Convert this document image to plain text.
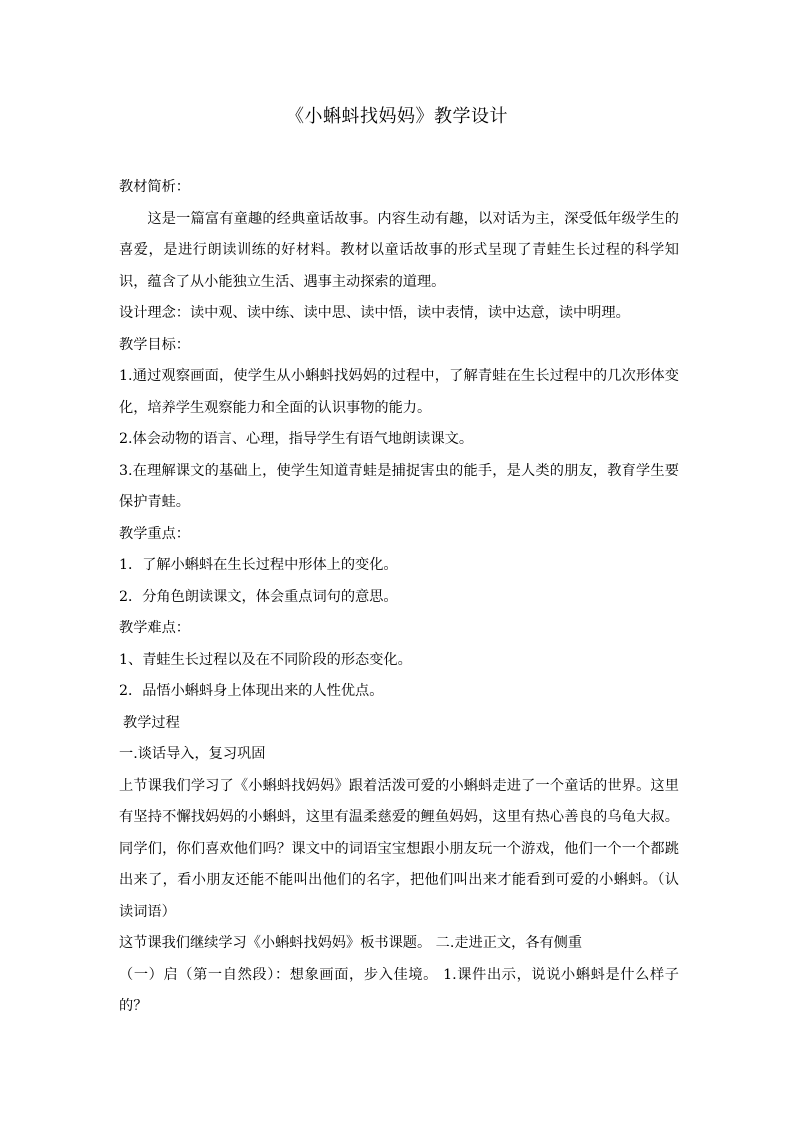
《小蝌蚪找妈妈》教学设计

教材简析：

这是一篇富有童趣的经典童话故事。内容生动有趣，以对话为主，深受低年级学生的喜爱，是进行朗读训练的好材料。教材以童话故事的形式呈现了青蛙生长过程的科学知识，蕴含了从小能独立生活、遇事主动探索的道理。

设计理念：读中观、读中练、读中思、读中悟，读中表情，读中达意，读中明理。

教学目标：

1.通过观察画面，使学生从小蝌蚪找妈妈的过程中，了解青蛙在生长过程中的几次形体变化，培养学生观察能力和全面的认识事物的能力。

2.体会动物的语言、心理，指导学生有语气地朗读课文。

3.在理解课文的基础上，使学生知道青蛙是捕捉害虫的能手，是人类的朋友，教育学生要保护青蛙。

教学重点：

1．了解小蝌蚪在生长过程中形体上的变化。

2．分角色朗读课文，体会重点词句的意思。

教学难点：

1、青蛙生长过程以及在不同阶段的形态变化。

2．品悟小蝌蚪身上体现出来的人性优点。

教学过程

一.谈话导入，复习巩固

上节课我们学习了《小蝌蚪找妈妈》跟着活泼可爱的小蝌蚪走进了一个童话的世界。这里有坚持不懈找妈妈的小蝌蚪，这里有温柔慈爱的鲤鱼妈妈，这里有热心善良的乌龟大叔。同学们，你们喜欢他们吗？课文中的词语宝宝想跟小朋友玩一个游戏，他们一个一个都跳出来了，看小朋友还能不能叫出他们的名字，把他们叫出来才能看到可爱的小蝌蚪。（认读词语）

这节课我们继续学习《小蝌蚪找妈妈》板书课题。 二.走进正文，各有侧重

（一）启（第一自然段）：想象画面，步入佳境。 1.课件出示，说说小蝌蚪是什么样子的？
